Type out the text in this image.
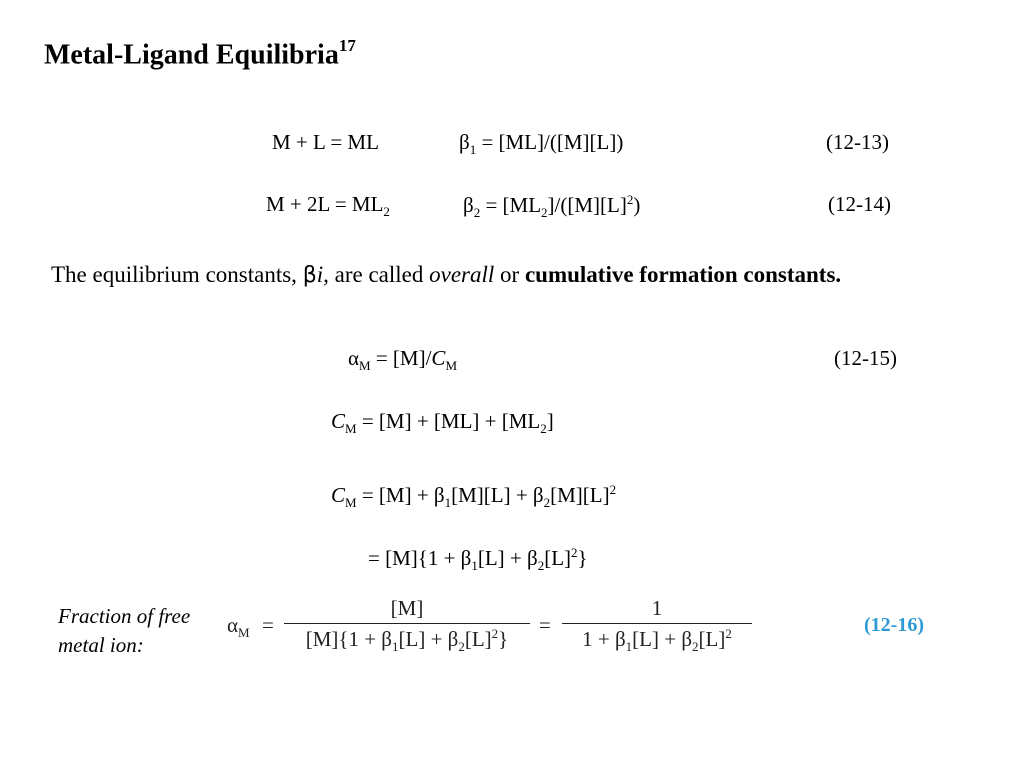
Metal-Ligand Equilibria$^{17}$
M + L = ML	$\beta_1 = [ML]/([M][L])$	(12-13)
$M + 2L = ML_2$	$\beta_2 = [ML_2]/([M][L]^2)$	(12-14)
The equilibrium constants, βi, are called overall or cumulative formation constants.
$\alpha_M = [M]/C_M$	(12-15)
$C_M = [M] + [ML] + [ML_2]$
$C_M = [M] + \beta_1[M][L] + \beta_2[M][L]^2$
= $[M]\{1 + \beta_1[L] + \beta_2[L]^2\}$
Fraction of free metal ion:
$\alpha_M$ =
[M]
$[M]\{1 + \beta_1[L] + \beta_2[L]^2\}$
=
1
$1 + \beta_1[L] + \beta_2[L]^2$	(12-16)
